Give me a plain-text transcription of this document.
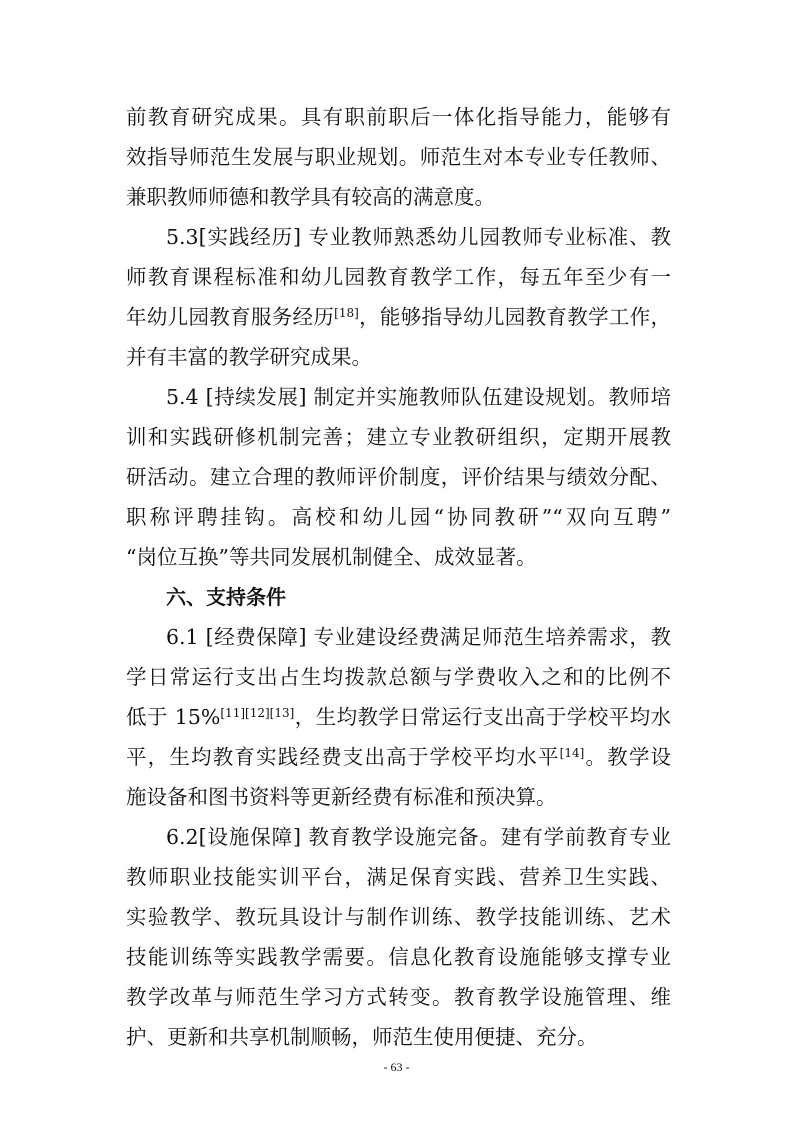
前教育研究成果。具有职前职后一体化指导能力，能够有
效指导师范生发展与职业规划。师范生对本专业专任教师、
兼职教师师德和教学具有较高的满意度。
5.3[实践经历] 专业教师熟悉幼儿园教师专业标准、教
师教育课程标准和幼儿园教育教学工作，每五年至少有一
年幼儿园教育服务经历[18]，能够指导幼儿园教育教学工作，
并有丰富的教学研究成果。
5.4 [持续发展] 制定并实施教师队伍建设规划。教师培
训和实践研修机制完善；建立专业教研组织，定期开展教
研活动。建立合理的教师评价制度，评价结果与绩效分配、
职称评聘挂钩。高校和幼儿园“协同教研”“双向互聘”
“岗位互换”等共同发展机制健全、成效显著。
六、支持条件
6.1 [经费保障] 专业建设经费满足师范生培养需求，教
学日常运行支出占生均拨款总额与学费收入之和的比例不
低于 15%[11][12][13]，生均教学日常运行支出高于学校平均水
平，生均教育实践经费支出高于学校平均水平[14]。教学设
施设备和图书资料等更新经费有标准和预决算。
6.2[设施保障] 教育教学设施完备。建有学前教育专业
教师职业技能实训平台，满足保育实践、营养卫生实践、
实验教学、教玩具设计与制作训练、教学技能训练、艺术
技能训练等实践教学需要。信息化教育设施能够支撑专业
教学改革与师范生学习方式转变。教育教学设施管理、维
护、更新和共享机制顺畅，师范生使用便捷、充分。
- 63 -
